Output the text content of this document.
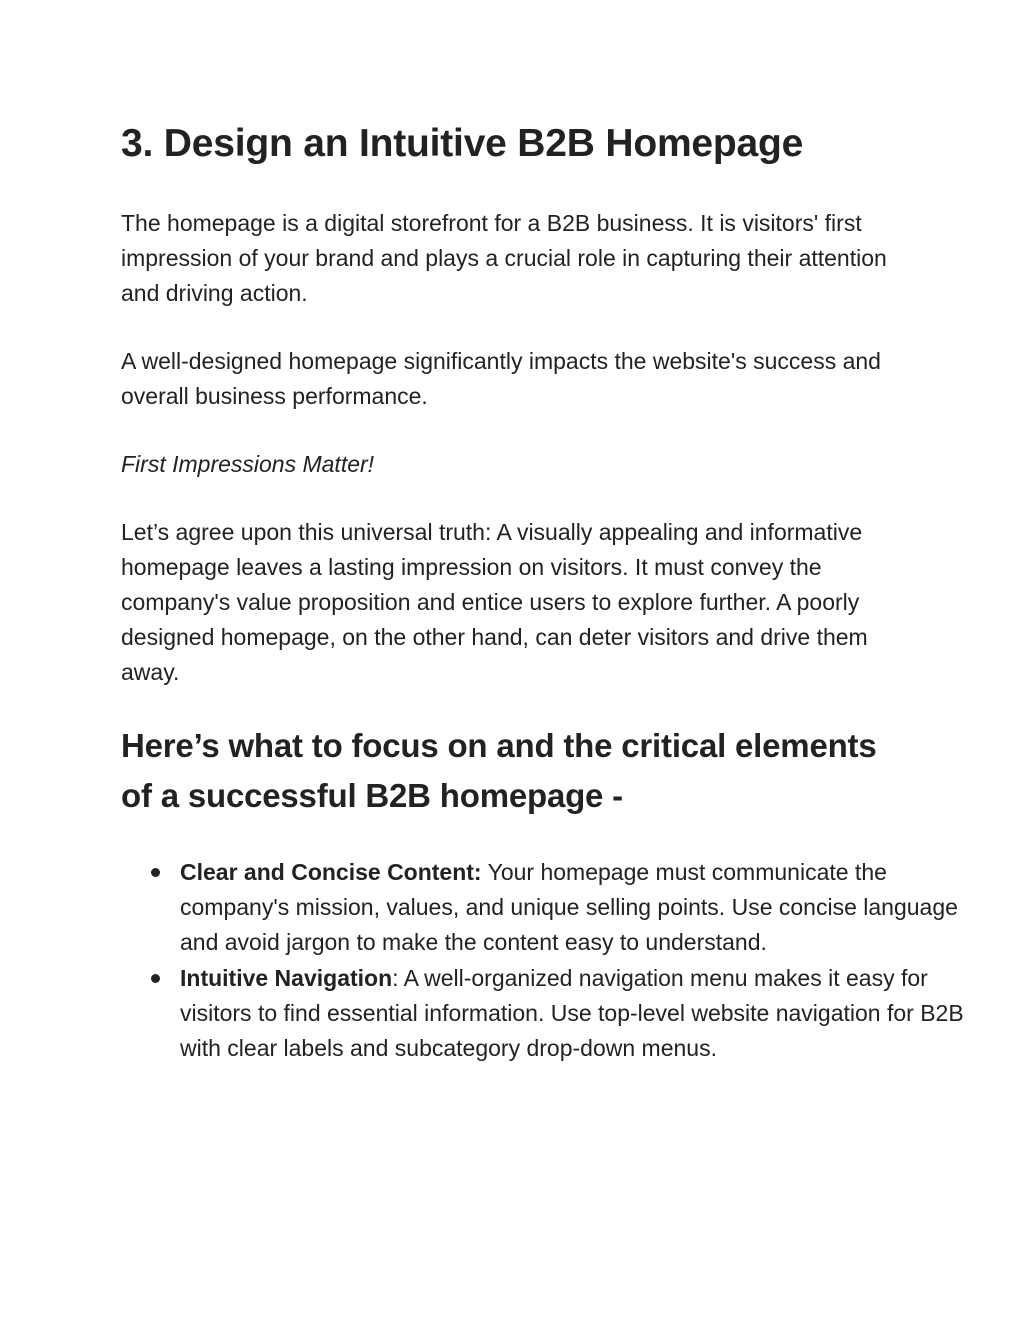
3. Design an Intuitive B2B Homepage

The homepage is a digital storefront for a B2B business. It is visitors' first impression of your brand and plays a crucial role in capturing their attention and driving action.

A well-designed homepage significantly impacts the website's success and overall business performance.

First Impressions Matter!

Let’s agree upon this universal truth: A visually appealing and informative homepage leaves a lasting impression on visitors. It must convey the company's value proposition and entice users to explore further. A poorly designed homepage, on the other hand, can deter visitors and drive them away.

Here’s what to focus on and the critical elements of a successful B2B homepage -
Clear and Concise Content: Your homepage must communicate the company's mission, values, and unique selling points. Use concise language and avoid jargon to make the content easy to understand.
Intuitive Navigation: A well-organized navigation menu makes it easy for visitors to find essential information. Use top-level website navigation for B2B with clear labels and subcategory drop-down menus.
